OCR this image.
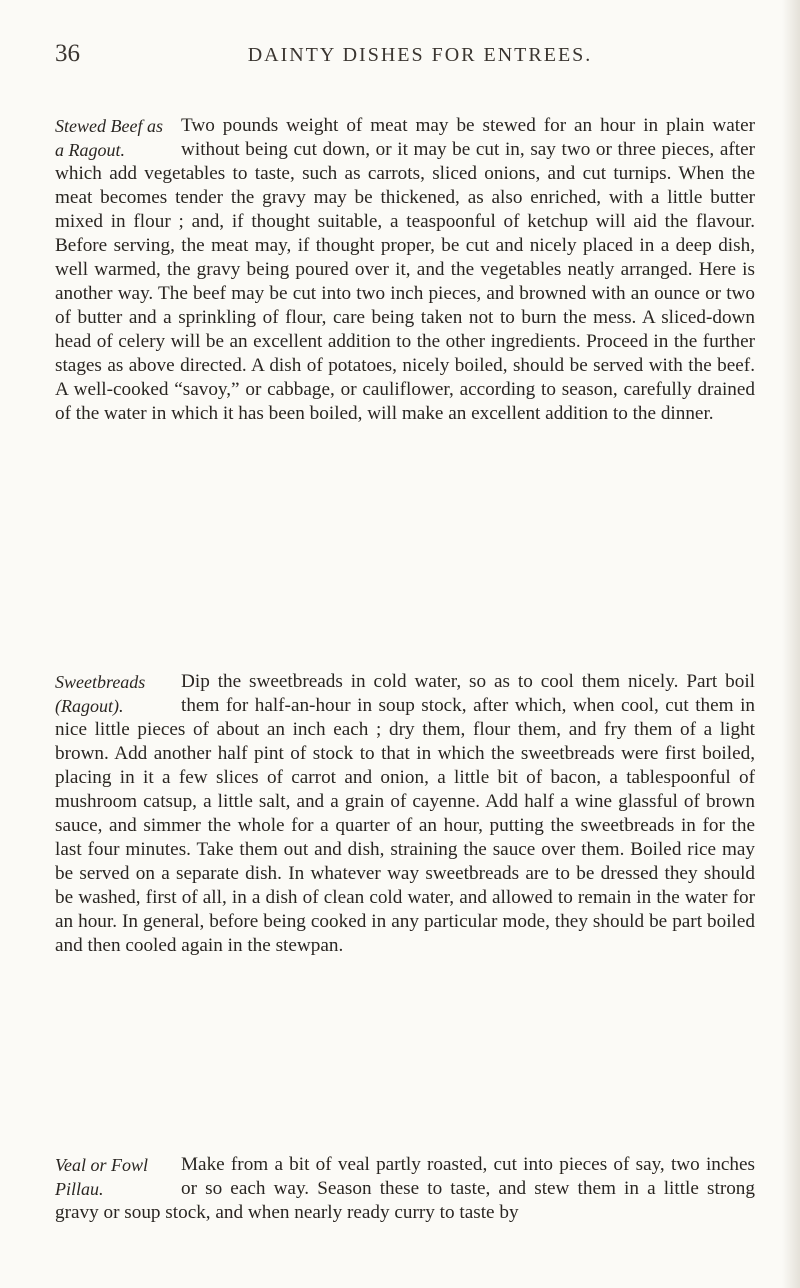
36	DAINTY DISHES FOR ENTREES.
Stewed Beef as a Ragout.
Two pounds weight of meat may be stewed for an hour in plain water without being cut down, or it may be cut in, say two or three pieces, after which add vegetables to taste, such as carrots, sliced onions, and cut turnips. When the meat becomes tender the gravy may be thickened, as also enriched, with a little butter mixed in flour ; and, if thought suitable, a teaspoonful of ketchup will aid the flavour. Before serving, the meat may, if thought proper, be cut and nicely placed in a deep dish, well warmed, the gravy being poured over it, and the vegetables neatly arranged. Here is another way. The beef may be cut into two inch pieces, and browned with an ounce or two of butter and a sprinkling of flour, care being taken not to burn the mess. A sliced-down head of celery will be an excellent addition to the other ingredients. Proceed in the further stages as above directed. A dish of potatoes, nicely boiled, should be served with the beef. A well-cooked “savoy,” or cabbage, or cauliflower, according to season, carefully drained of the water in which it has been boiled, will make an excellent addition to the dinner.
Sweetbreads (Ragout).
Dip the sweetbreads in cold water, so as to cool them nicely. Part boil them for half-an-hour in soup stock, after which, when cool, cut them in nice little pieces of about an inch each ; dry them, flour them, and fry them of a light brown. Add another half pint of stock to that in which the sweetbreads were first boiled, placing in it a few slices of carrot and onion, a little bit of bacon, a tablespoonful of mushroom catsup, a little salt, and a grain of cayenne. Add half a wine glassful of brown sauce, and simmer the whole for a quarter of an hour, putting the sweetbreads in for the last four minutes. Take them out and dish, straining the sauce over them. Boiled rice may be served on a separate dish. In whatever way sweetbreads are to be dressed they should be washed, first of all, in a dish of clean cold water, and allowed to remain in the water for an hour. In general, before being cooked in any particular mode, they should be part boiled and then cooled again in the stewpan.
Veal or Fowl Pillau.
Make from a bit of veal partly roasted, cut into pieces of say, two inches or so each way. Season these to taste, and stew them in a little strong gravy or soup stock, and when nearly ready curry to taste by
